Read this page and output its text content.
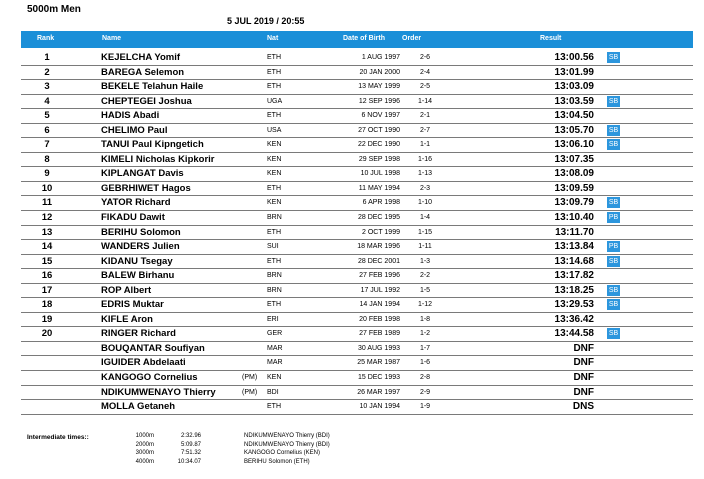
5000m Men
5 JUL 2019 / 20:55
Rank	Name	Nat	Date of Birth Order	Result
1	KEJELCHA Yomif	ETH	1 AUG 1997	2-6	13:00.56 SB
2	BAREGA Selemon	ETH	20 JAN 2000	2-4	13:01.99
3	BEKELE Telahun Haile	ETH	13 MAY 1999	2-5	13:03.09
4	CHEPTEGEI Joshua	UGA	12 SEP 1996	1-14	13:03.59 SB
5	HADIS Abadi	ETH	6 NOV 1997	2-1	13:04.50
6	CHELIMO Paul	USA	27 OCT 1990	2-7	13:05.70 SB
7	TANUI Paul Kipngetich	KEN	22 DEC 1990	1-1	13:06.10 SB
8	KIMELI Nicholas Kipkorir	KEN	29 SEP 1998	1-16	13:07.35
9	KIPLANGAT Davis	KEN	10 JUL 1998	1-13	13:08.09
10	GEBRHIWET Hagos	ETH	11 MAY 1994	2-3	13:09.59
11	YATOR Richard	KEN	6 APR 1998	1-10	13:09.79 SB
12	FIKADU Dawit	BRN	28 DEC 1995	1-4	13:10.40 PB
13	BERIHU Solomon	ETH	2 OCT 1999	1-15	13:11.70
14	WANDERS Julien	SUI	18 MAR 1996	1-11	13:13.84 PB
15	KIDANU Tsegay	ETH	28 DEC 2001	1-3	13:14.68 SB
16	BALEW Birhanu	BRN	27 FEB 1996	2-2	13:17.82
17	ROP Albert	BRN	17 JUL 1992	1-5	13:18.25 SB
18	EDRIS Muktar	ETH	14 JAN 1994	1-12	13:29.53 SB
19	KIFLE Aron	ERI	20 FEB 1998	1-8	13:36.42
20	RINGER Richard	GER	27 FEB 1989	1-2	13:44.58 SB
BOUQANTAR Soufiyan	MAR	30 AUG 1993	1-7	DNF
IGUIDER Abdelaati	MAR	25 MAR 1987	1-6	DNF
KANGOGO Cornelius	(PM) KEN	15 DEC 1993	2-8	DNF
NDIKUMWENAYO Thierry	(PM) BDI	26 MAR 1997	2-9	DNF
MOLLA Getaneh	ETH	10 JAN 1994	1-9	DNS
Intermediate times::	1000m	2:32.96	NDIKUMWENAYO Thierry (BDI)
2000m	5:09.87	NDIKUMWENAYO Thierry (BDI)
3000m	7:51.32	KANGOGO Cornelius (KEN)
4000m	10:34.07	BERIHU Solomon (ETH)
